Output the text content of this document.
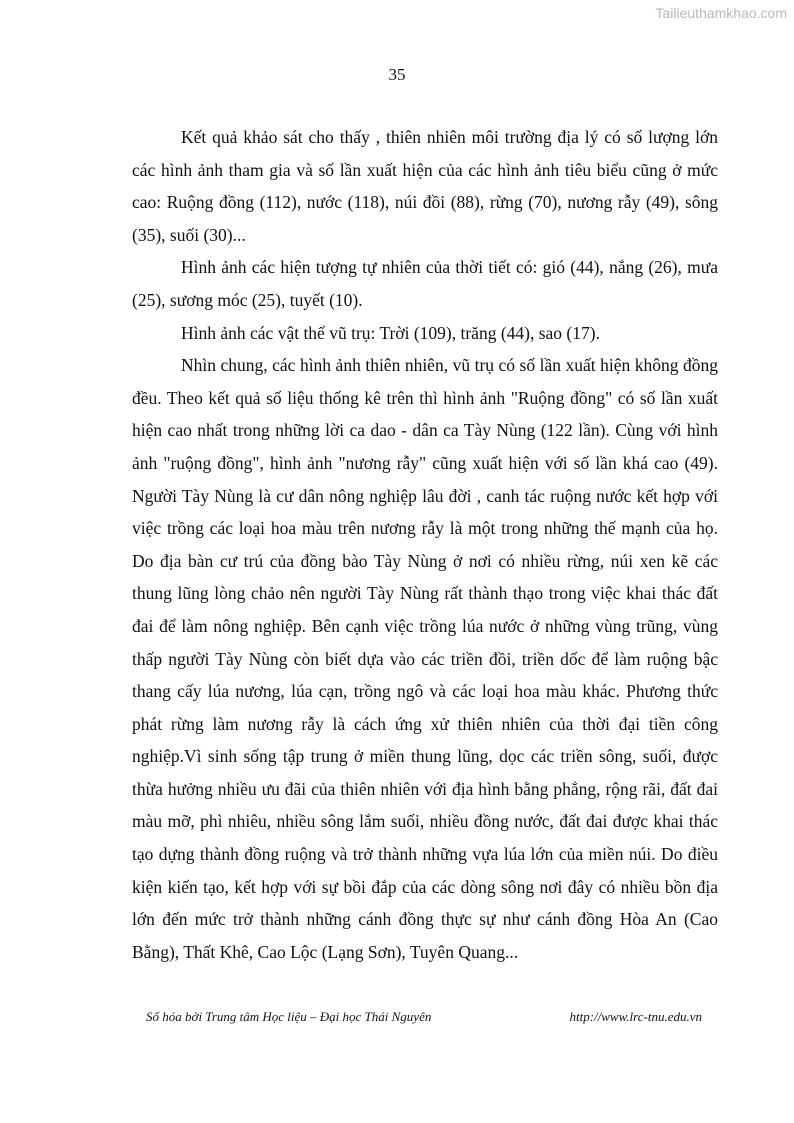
Tailieuthamkhao.com
35

Kết quả khảo sát cho thấy , thiên nhiên môi trường địa lý có số lượng lớn các hình ảnh tham gia và số lần xuất hiện của các hình ảnh tiêu biểu cũng ở mức cao: Ruộng đồng (112), nước (118), núi đồi (88), rừng (70), nương rẫy (49), sông (35), suối (30)...

Hình ảnh các hiện tượng tự nhiên của thời tiết có: gió (44), nắng (26), mưa (25), sương móc (25), tuyết (10).

Hình ảnh các vật thể vũ trụ: Trời (109), trăng (44), sao (17).

Nhìn chung, các hình ảnh thiên nhiên, vũ trụ có số lần xuất hiện không đồng đều. Theo kết quả số liệu thống kê trên thì hình ảnh "Ruộng đồng" có số lần xuất hiện cao nhất trong những lời ca dao - dân ca Tày Nùng (122 lần). Cùng với hình ảnh "ruộng đồng", hình ảnh "nương rẫy" cũng xuất hiện với số lần khá cao (49). Người Tày Nùng là cư dân nông nghiệp lâu đời , canh tác ruộng nước kết hợp với việc trồng các loại hoa màu trên nương rẫy là một trong những thế mạnh của họ. Do địa bàn cư trú của đồng bào Tày Nùng ở nơi có nhiều rừng, núi xen kẽ các thung lũng lòng chảo nên người Tày Nùng rất thành thạo trong việc khai thác đất đai để làm nông nghiệp. Bên cạnh việc trồng lúa nước ở những vùng trũng, vùng thấp người Tày Nùng còn biết dựa vào các triền đồi, triền dốc để làm ruộng bậc thang cấy lúa nương, lúa cạn, trồng ngô và các loại hoa màu khác. Phương thức phát rừng làm nương rẫy là cách ứng xử thiên nhiên của thời đại tiền công nghiệp.Vì sinh sống tập trung ở miền thung lũng, dọc các triền sông, suối, được thừa hưởng nhiều ưu đãi của thiên nhiên với địa hình bằng phẳng, rộng rãi, đất đai màu mỡ, phì nhiêu, nhiều sông lắm suối, nhiều đồng nước, đất đai được khai thác tạo dựng thành đồng ruộng và trở thành những vựa lúa lớn của miền núi. Do điều kiện kiến tạo, kết hợp với sự bồi đắp của các dòng sông nơi đây có nhiều bồn địa lớn đến mức trở thành những cánh đồng thực sự như cánh đồng Hòa An (Cao Bằng), Thất Khê, Cao Lộc (Lạng Sơn), Tuyên Quang...

Số hóa bởi Trung tâm Học liệu – Đại học Thái Nguyên	http://www.lrc-tnu.edu.vn
